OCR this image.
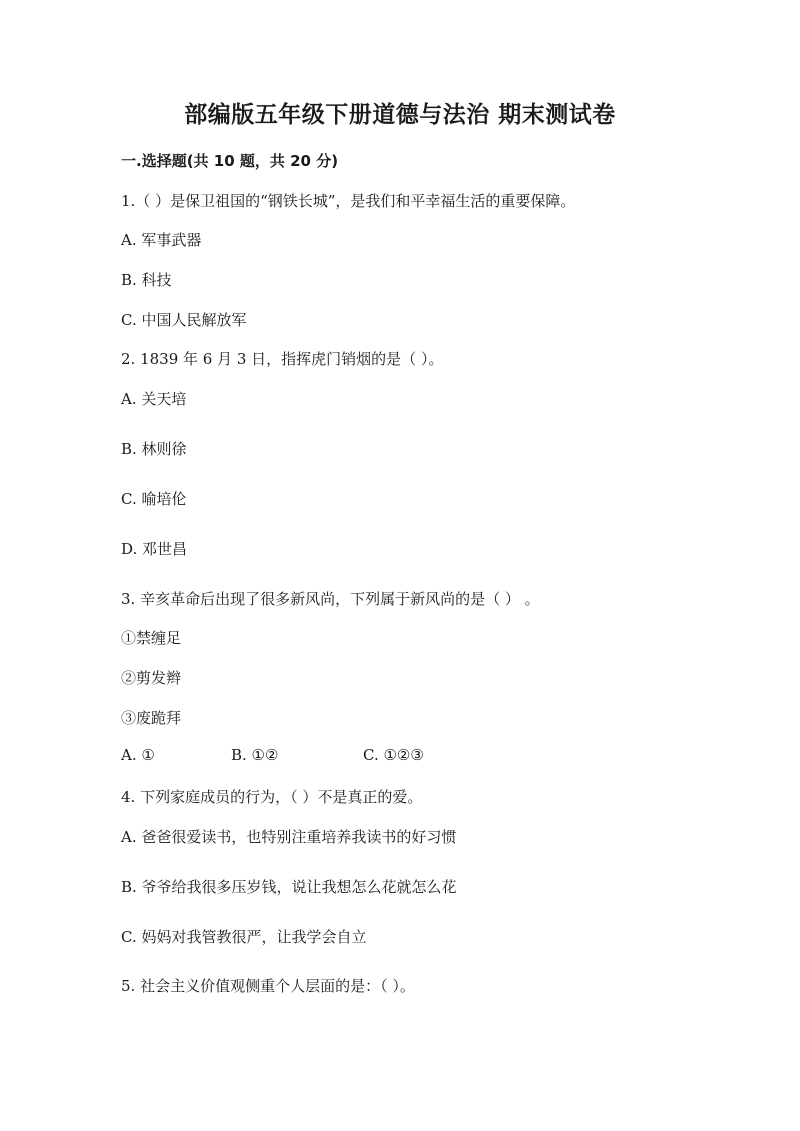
部编版五年级下册道德与法治 期末测试卷
一.选择题(共 10 题，共 20 分)
1.（ ）是保卫祖国的“钢铁长城”，是我们和平幸福生活的重要保障。
A. 军事武器
B. 科技
C. 中国人民解放军
2. 1839 年 6 月 3 日，指挥虎门销烟的是（ ）。
A. 关天培
B. 林则徐
C. 喻培伦
D. 邓世昌
3. 辛亥革命后出现了很多新风尚，下列属于新风尚的是（ ） 。
①禁缠足
②剪发辫
③废跪拜
A. ①	B. ①②	C. ①②③
4. 下列家庭成员的行为，（ ）不是真正的爱。
A. 爸爸很爱读书，也特别注重培养我读书的好习惯
B. 爷爷给我很多压岁钱，说让我想怎么花就怎么花
C. 妈妈对我管教很严，让我学会自立
5. 社会主义价值观侧重个人层面的是：（ ）。
